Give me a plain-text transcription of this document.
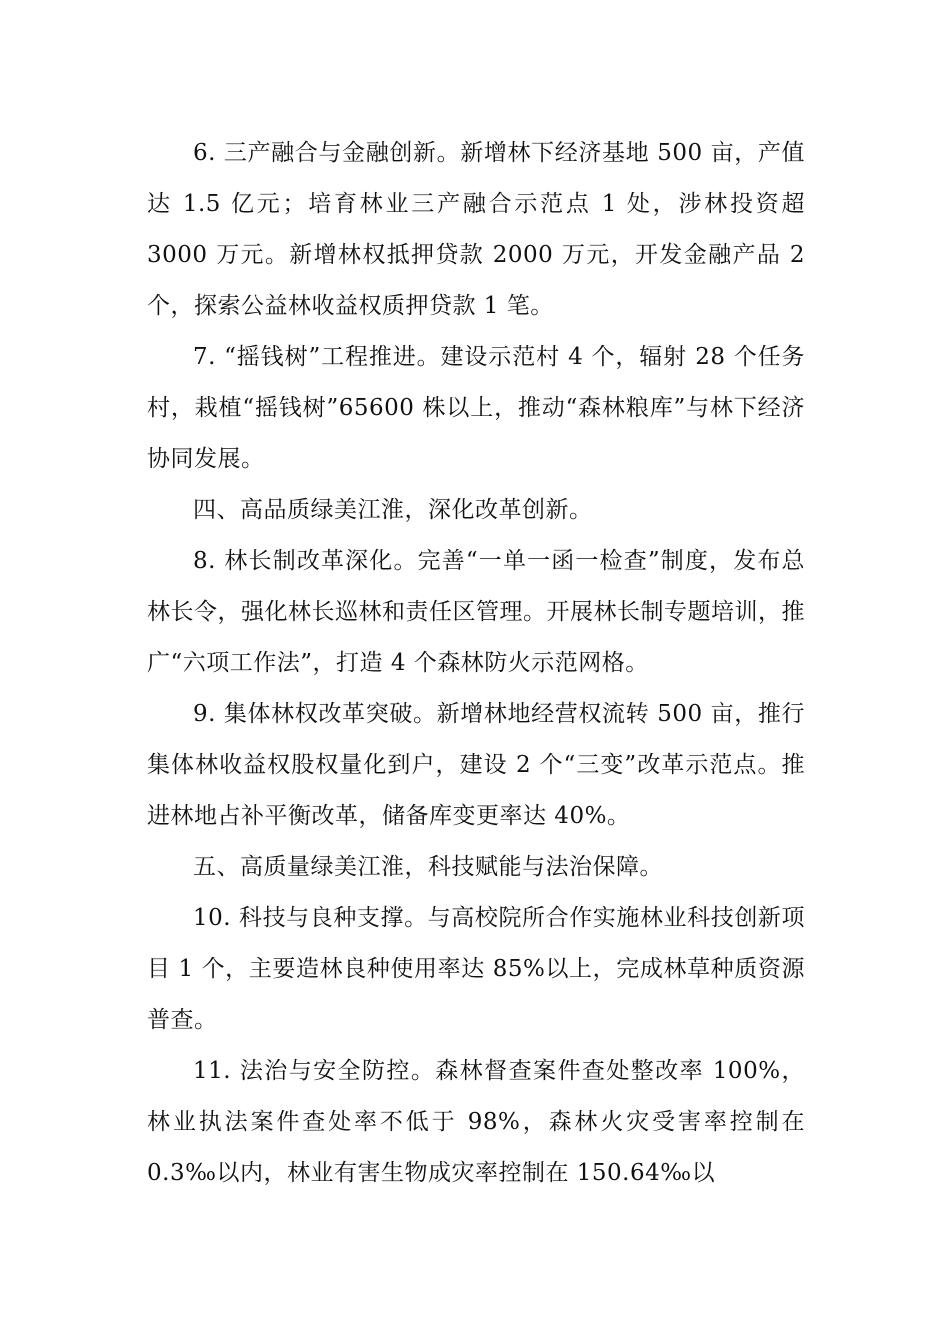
6. 三产融合与金融创新。新增林下经济基地 500 亩，产值达 1.5 亿元；培育林业三产融合示范点 1 处，涉林投资超 3000 万元。新增林权抵押贷款 2000 万元，开发金融产品 2 个，探索公益林收益权质押贷款 1 笔。

7. “摇钱树”工程推进。建设示范村 4 个，辐射 28 个任务村，栽植“摇钱树”65600 株以上，推动“森林粮库”与林下经济协同发展。

四、高品质绿美江淮，深化改革创新。

8. 林长制改革深化。完善“一单一函一检查”制度，发布总林长令，强化林长巡林和责任区管理。开展林长制专题培训，推广“六项工作法”，打造 4 个森林防火示范网格。

9. 集体林权改革突破。新增林地经营权流转 500 亩，推行集体林收益权股权量化到户，建设 2 个“三变”改革示范点。推进林地占补平衡改革，储备库变更率达 40%。

五、高质量绿美江淮，科技赋能与法治保障。

10. 科技与良种支撑。与高校院所合作实施林业科技创新项目 1 个，主要造林良种使用率达 85%以上，完成林草种质资源普查。

11. 法治与安全防控。森林督查案件查处整改率 100%，林业执法案件查处率不低于 98%，森林火灾受害率控制在 0.3‰以内，林业有害生物成灾率控制在 150.64‰以
